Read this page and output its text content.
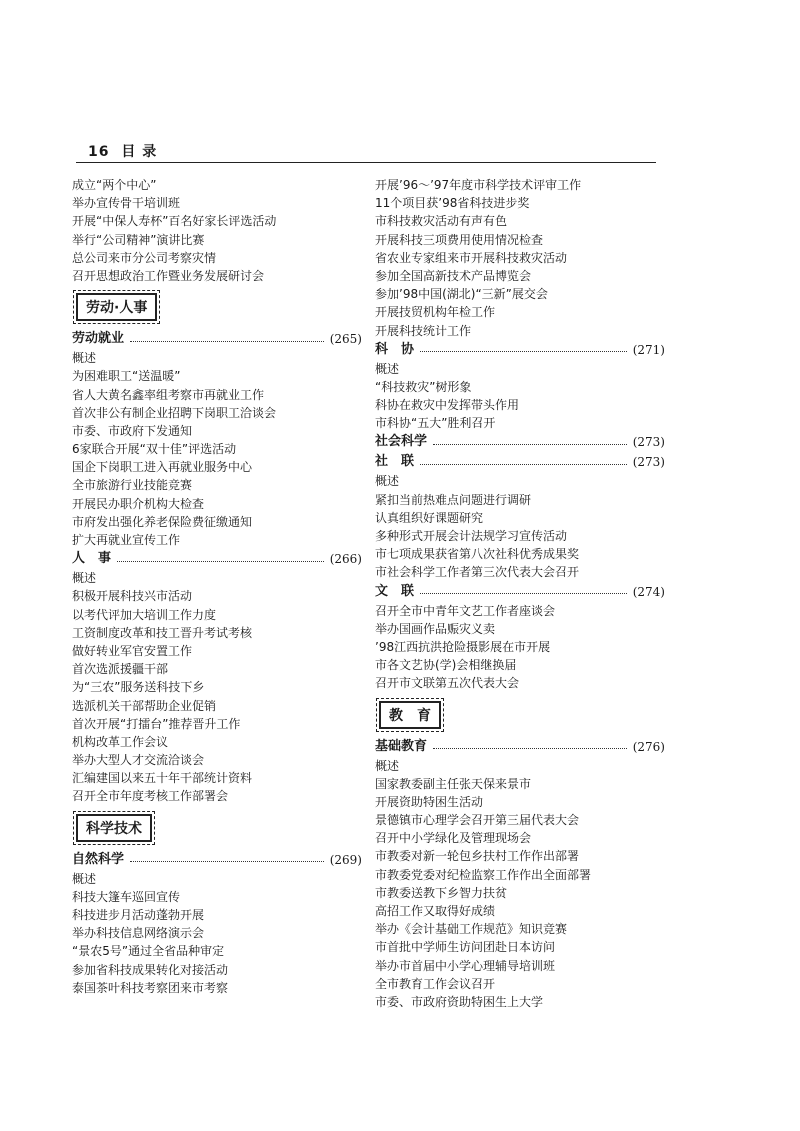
16 目 录
成立“两个中心”
举办宣传骨干培训班
开展“中保人寿杯”百名好家长评选活动
举行“公司精神”演讲比赛
总公司来市分公司考察灾情
召开思想政治工作暨业务发展研讨会
劳动·人事
劳动就业	(265)
概述
为困难职工“送温暖”
省人大黄名鑫率组考察市再就业工作
首次非公有制企业招聘下岗职工洽谈会
市委、市政府下发通知
6家联合开展“双十佳”评选活动
国企下岗职工进入再就业服务中心
全市旅游行业技能竞赛
开展民办职介机构大检查
市府发出强化养老保险费征缴通知
扩大再就业宣传工作
人　事	(266)
概述
积极开展科技兴市活动
以考代评加大培训工作力度
工资制度改革和技工晋升考试考核
做好转业军官安置工作
首次选派援疆干部
为“三农”服务送科技下乡
选派机关干部帮助企业促销
首次开展“打擂台”推荐晋升工作
机构改革工作会议
举办大型人才交流洽谈会
汇编建国以来五十年干部统计资料
召开全市年度考核工作部署会
科学技术
自然科学	(269)
概述
科技大篷车巡回宣传
科技进步月活动蓬勃开展
举办科技信息网络演示会
“景农5号”通过全省品种审定
参加省科技成果转化对接活动
泰国茶叶科技考察团来市考察
开展’96～’97年度市科学技术评审工作
11个项目获’98省科技进步奖
市科技救灾活动有声有色
开展科技三项费用使用情况检查
省农业专家组来市开展科技救灾活动
参加全国高新技术产品博览会
参加’98中国(湖北)“三新”展交会
开展技贸机构年检工作
开展科技统计工作
科　协	(271)
概述
“科技救灾”树形象
科协在救灾中发挥带头作用
市科协“五大”胜利召开
社会科学	(273)
社　联	(273)
概述
紧扣当前热难点问题进行调研
认真组织好课题研究
多种形式开展会计法规学习宣传活动
市七项成果获省第八次社科优秀成果奖
市社会科学工作者第三次代表大会召开
文　联	(274)
召开全市中青年文艺工作者座谈会
举办国画作品赈灾义卖
’98江西抗洪抢险摄影展在市开展
市各文艺协(学)会相继换届
召开市文联第五次代表大会
教　育
基础教育	(276)
概述
国家教委副主任张天保来景市
开展资助特困生活动
景德镇市心理学会召开第三届代表大会
召开中小学绿化及管理现场会
市教委对新一轮包乡扶村工作作出部署
市教委党委对纪检监察工作作出全面部署
市教委送教下乡智力扶贫
高招工作又取得好成绩
举办《会计基础工作规范》知识竞赛
市首批中学师生访问团赴日本访问
举办市首届中小学心理辅导培训班
全市教育工作会议召开
市委、市政府资助特困生上大学
